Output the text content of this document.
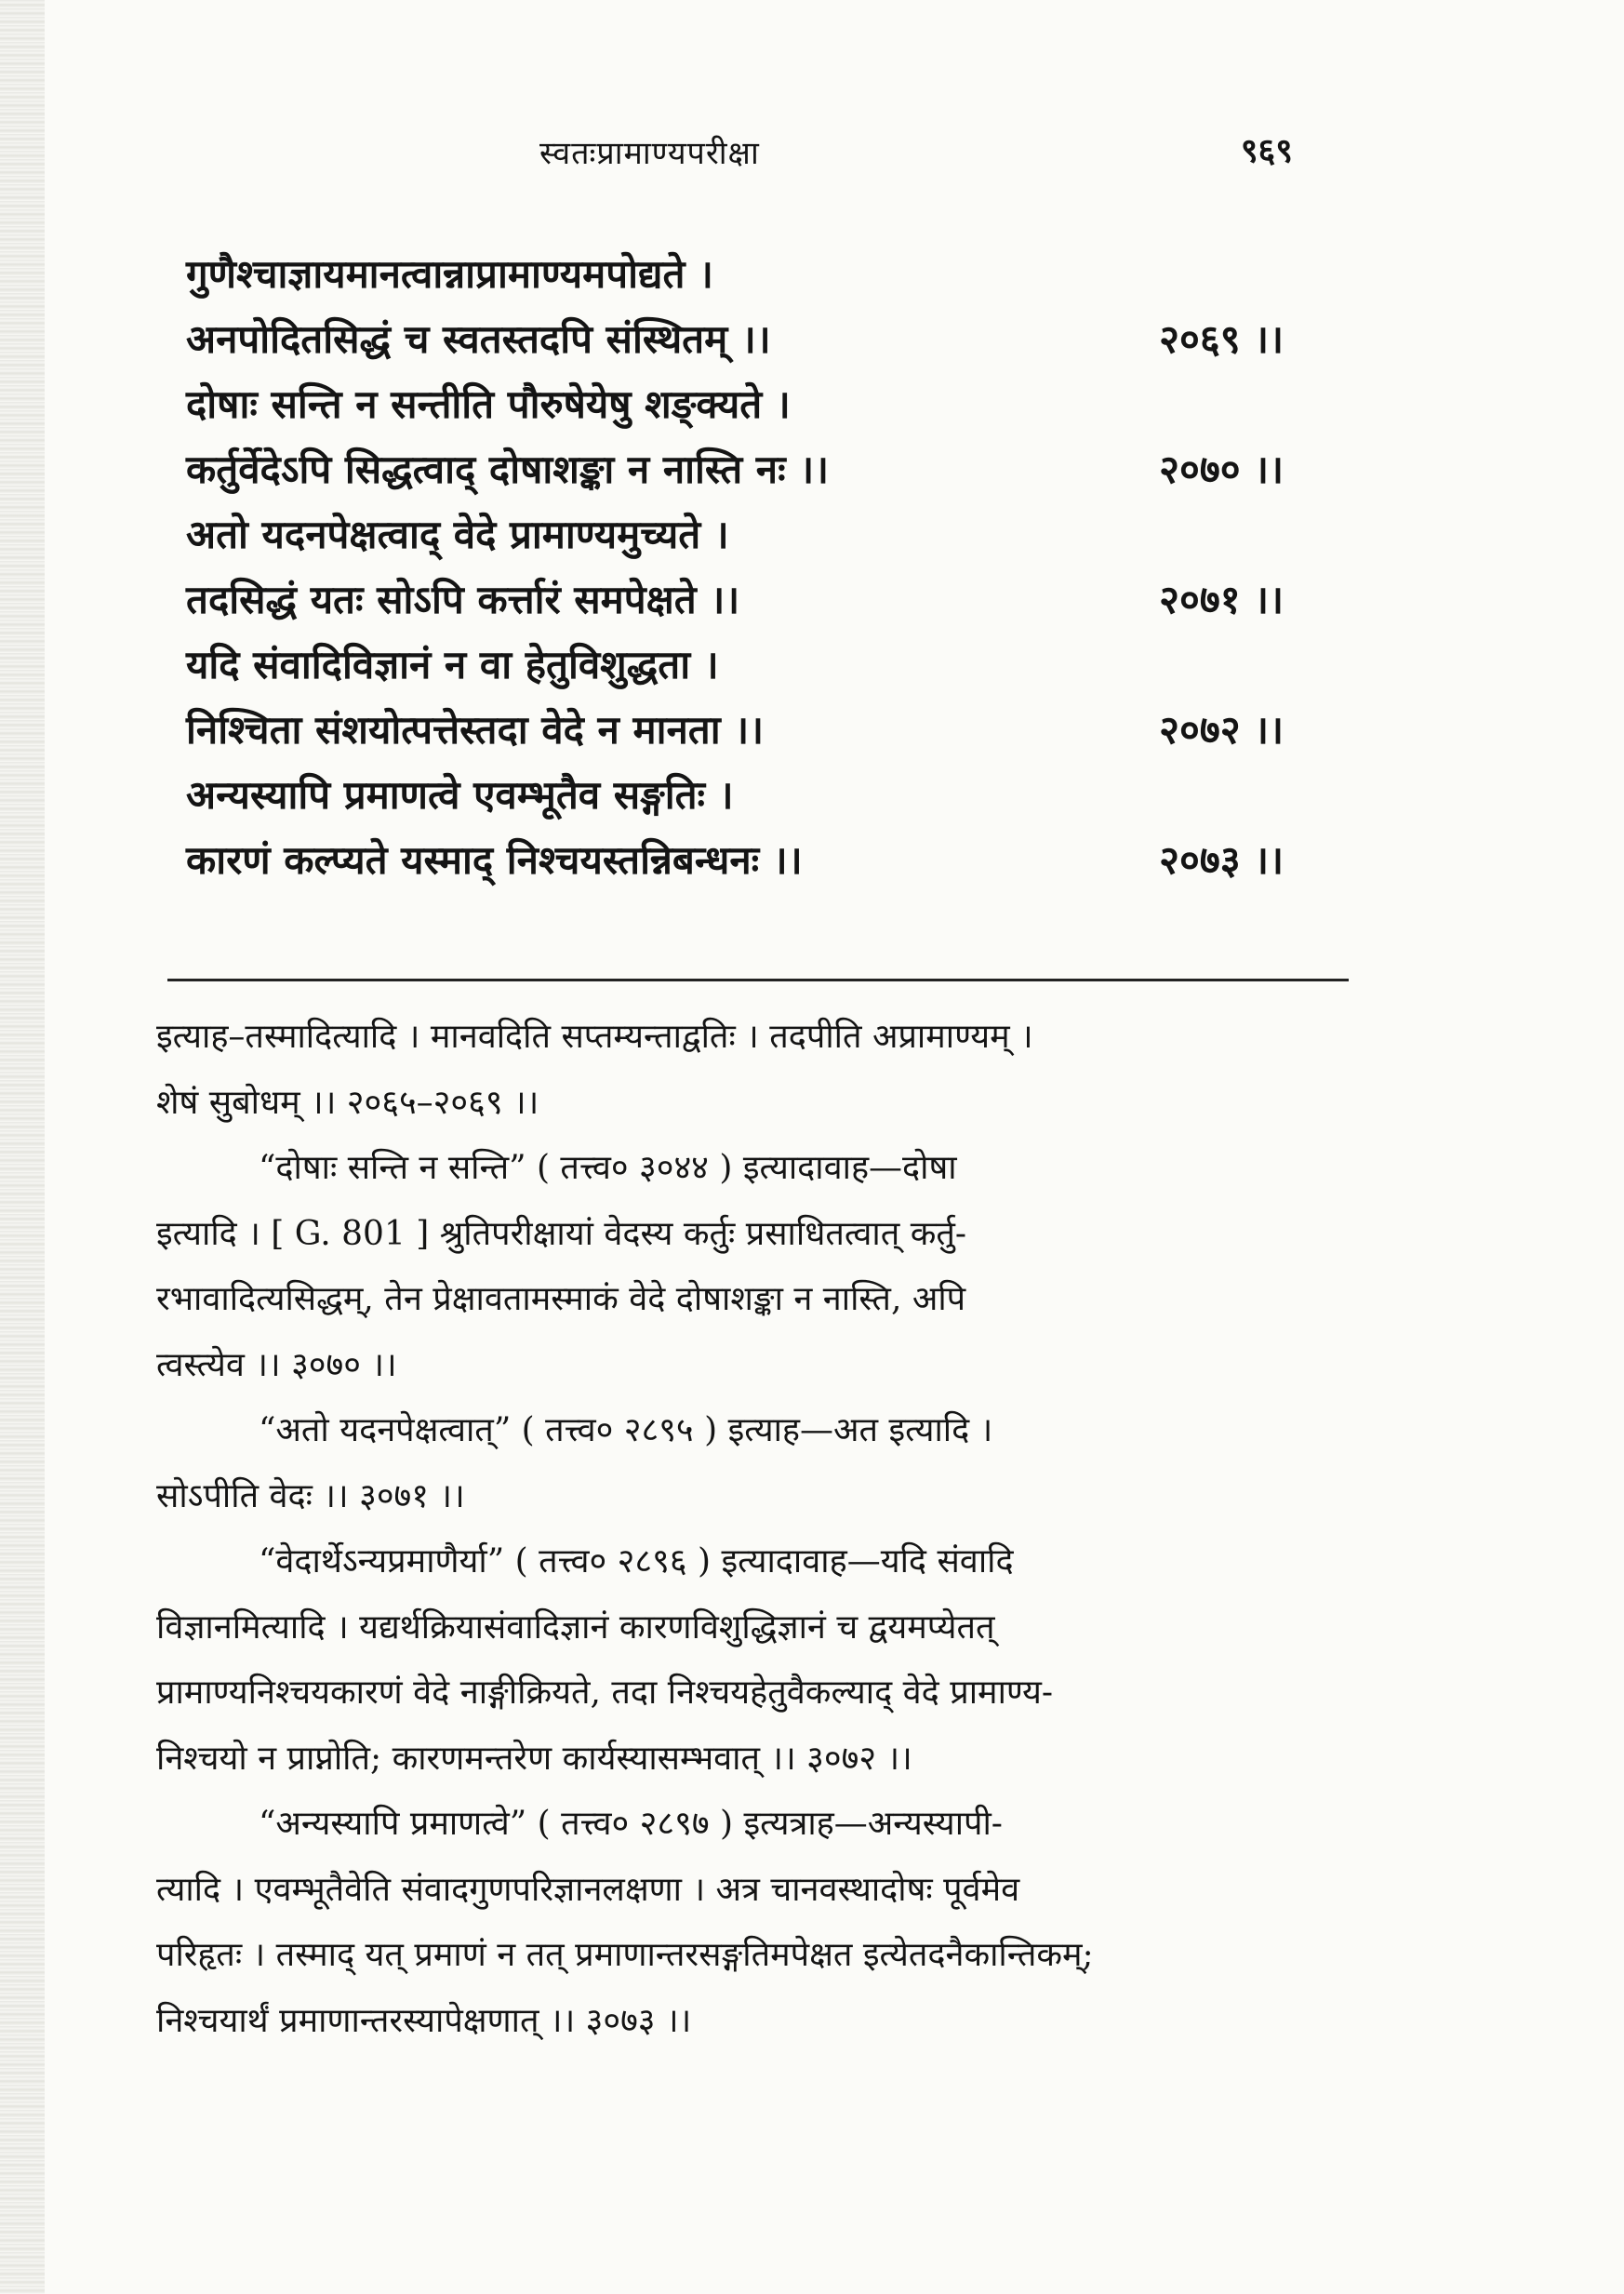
स्वतःप्रामाण्यपरीक्षा	९६९
गुणैश्चाज्ञायमानत्वान्नाप्रामाण्यमपोद्यते ।
अनपोदितसिद्धं च स्वतस्तदपि संस्थितम् ।।	२०६९ ।।
दोषाः सन्ति न सन्तीति पौरुषेयेषु शङ्क्यते ।
कर्तुर्वेदेऽपि सिद्धत्वाद् दोषाशङ्का न नास्ति नः ।।	२०७० ।।
अतो यदनपेक्षत्वाद् वेदे प्रामाण्यमुच्यते ।
तदसिद्धं यतः सोऽपि कर्त्तारं समपेक्षते ।।	२०७१ ।।
यदि संवादिविज्ञानं न वा हेतुविशुद्धता ।
निश्चिता संशयोत्पत्तेस्तदा वेदे न मानता ।।	२०७२ ।।
अन्यस्यापि प्रमाणत्वे एवम्भूतैव सङ्गतिः ।
कारणं कल्प्यते यस्माद् निश्चयस्तन्निबन्धनः ।।	२०७३ ।।
इत्याह–तस्मादित्यादि । मानवदिति सप्तम्यन्ताद्वतिः । तदपीति अप्रामाण्यम् ।
शेषं सुबोधम् ।। २०६५–२०६९ ।।
“दोषाः सन्ति न सन्ति” ( तत्त्व० ३०४४ ) इत्यादावाह—दोषा
इत्यादि । [ G. 801 ] श्रुतिपरीक्षायां वेदस्य कर्तुः प्रसाधितत्वात् कर्तु-
रभावादित्यसिद्धम्, तेन प्रेक्षावतामस्माकं वेदे दोषाशङ्का न नास्ति, अपि
त्वस्त्येव ।। ३०७० ।।
“अतो यदनपेक्षत्वात्” ( तत्त्व० २८९५ ) इत्याह—अत इत्यादि ।
सोऽपीति वेदः ।। ३०७१ ।।
“वेदार्थेऽन्यप्रमाणैर्या” ( तत्त्व० २८९६ ) इत्यादावाह—यदि संवादि
विज्ञानमित्यादि । यद्यर्थक्रियासंवादिज्ञानं कारणविशुद्धिज्ञानं च द्वयमप्येतत्
प्रामाण्यनिश्चयकारणं वेदे नाङ्गीक्रियते, तदा निश्चयहेतुवैकल्याद् वेदे प्रामाण्य-
निश्चयो न प्राप्नोति; कारणमन्तरेण कार्यस्यासम्भवात् ।। ३०७२ ।।
“अन्यस्यापि प्रमाणत्वे” ( तत्त्व० २८९७ ) इत्यत्राह—अन्यस्यापी-
त्यादि । एवम्भूतैवेति संवादगुणपरिज्ञानलक्षणा । अत्र चानवस्थादोषः पूर्वमेव
परिहृतः । तस्माद् यत् प्रमाणं न तत् प्रमाणान्तरसङ्गतिमपेक्षत इत्येतदनैकान्तिकम्;
निश्चयार्थं प्रमाणान्तरस्यापेक्षणात् ।। ३०७३ ।।
